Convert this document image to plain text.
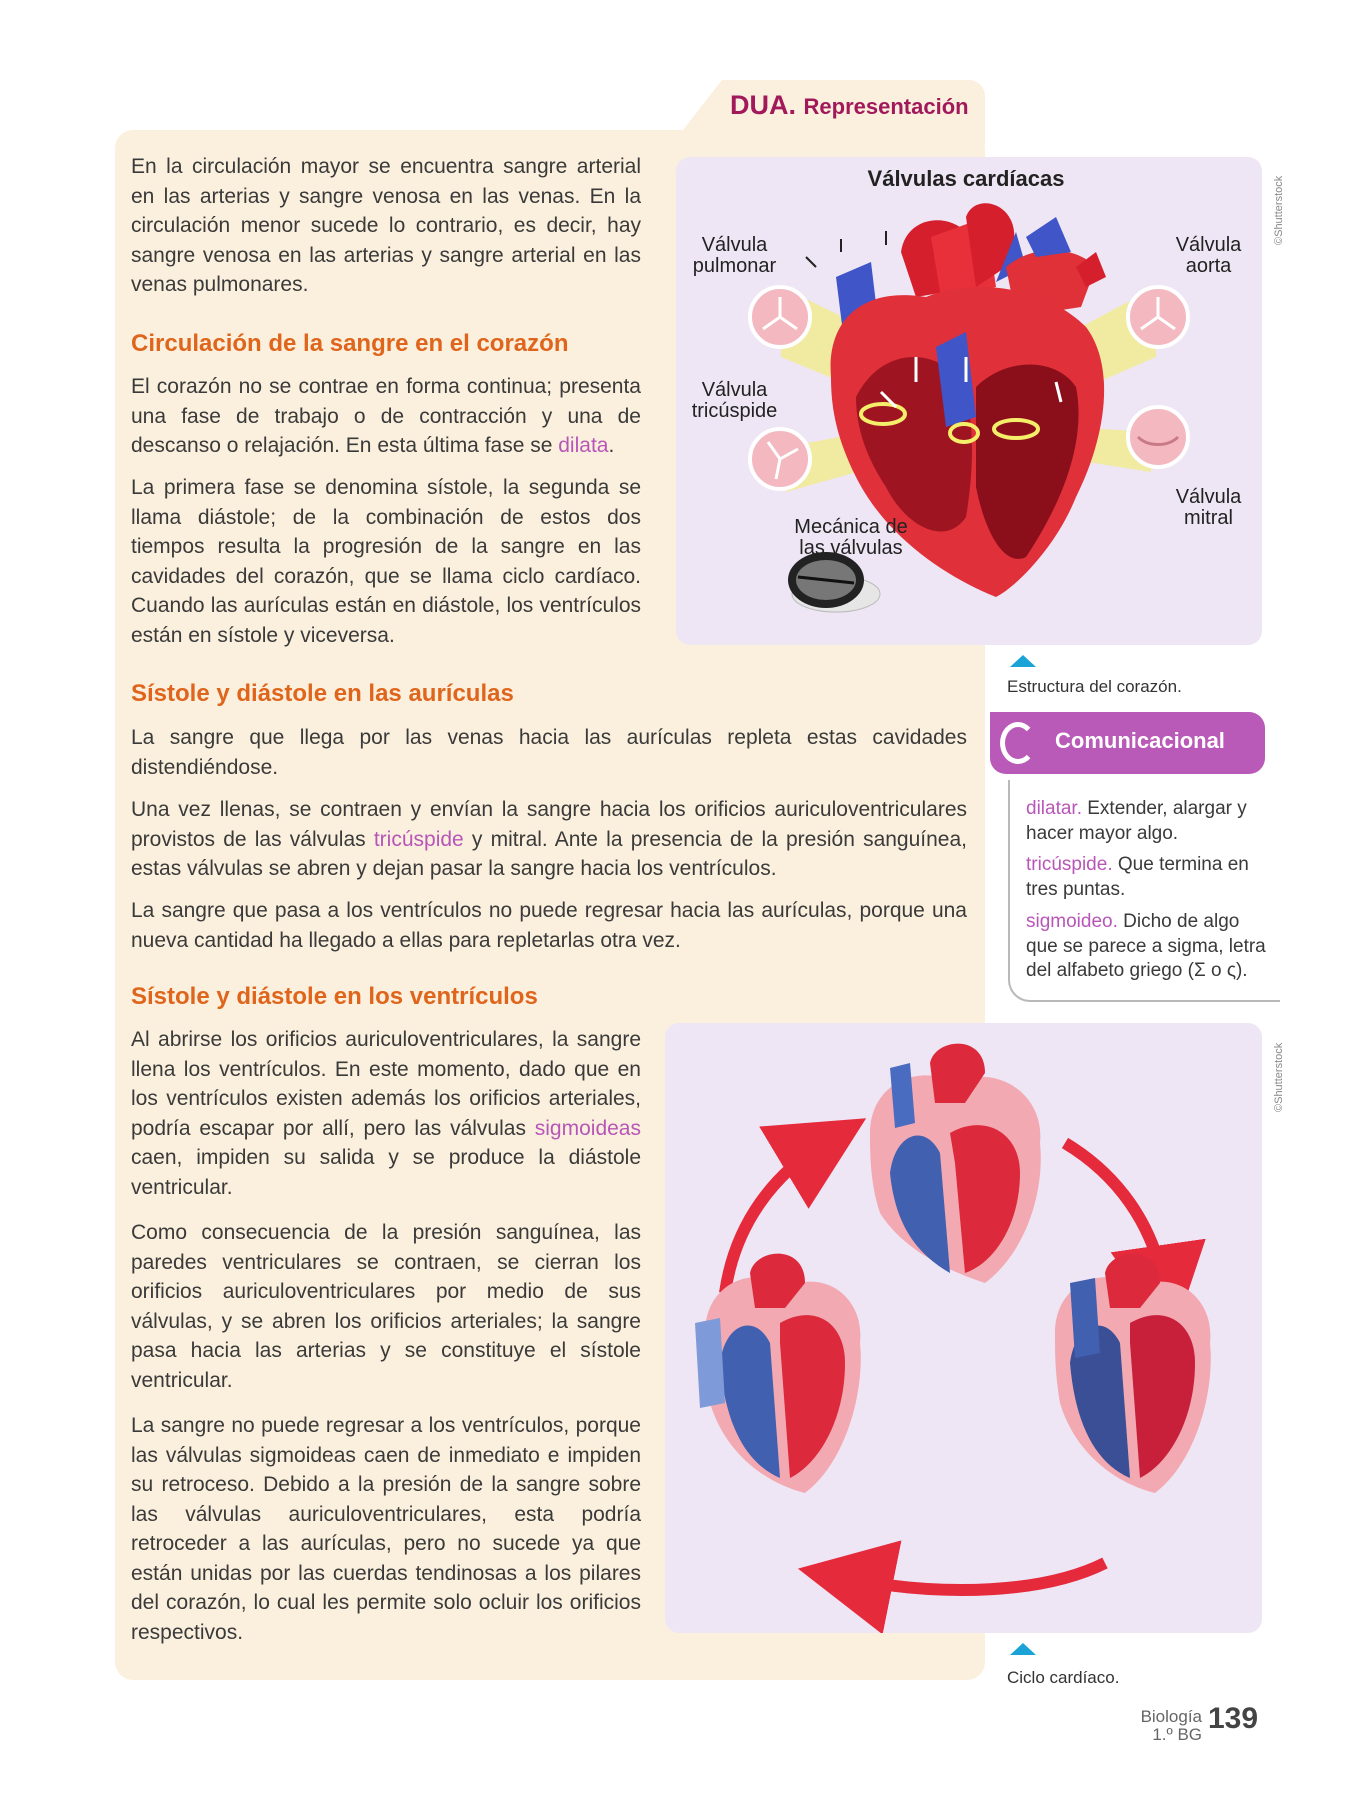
DUA. Representación

En la circulación mayor se encuentra sangre arterial en las arterias y sangre venosa en las venas. En la circulación menor sucede lo contrario, es decir, hay sangre venosa en las arterias y sangre arterial en las venas pulmonares.

Circulación de la sangre en el corazón

El corazón no se contrae en forma continua; presenta una fase de trabajo o de contracción y una de descanso o relajación. En esta última fase se dilata.

La primera fase se denomina sístole, la segunda se llama diástole; de la combinación de estos dos tiempos resulta la progresión de la sangre en las cavidades del corazón, que se llama ciclo cardíaco. Cuando las aurículas están en diástole, los ventrículos están en sístole y viceversa.

Sístole y diástole en las aurículas

La sangre que llega por las venas hacia las aurículas repleta estas cavidades distendiéndose.

Una vez llenas, se contraen y envían la sangre hacia los orificios auriculoventriculares provistos de las válvulas tricúspide y mitral. Ante la presencia de la presión sanguínea, estas válvulas se abren y dejan pasar la sangre hacia los ventrículos.

La sangre que pasa a los ventrículos no puede regresar hacia las aurículas, porque una nueva cantidad ha llegado a ellas para repletarlas otra vez.

Sístole y diástole en los ventrículos

Al abrirse los orificios auriculoventriculares, la sangre llena los ventrículos. En este momento, dado que en los ventrículos existen además los orificios arteriales, podría escapar por allí, pero las válvulas sigmoideas caen, impiden su salida y se produce la diástole ventricular.

Como consecuencia de la presión sanguínea, las paredes ventriculares se contraen, se cierran los orificios auriculoventriculares por medio de sus válvulas, y se abren los orificios arteriales; la sangre pasa hacia las arterias y se constituye el sístole ventricular.

La sangre no puede regresar a los ventrículos, porque las válvulas sigmoideas caen de inmediato e impiden su retroceso. Debido a la presión de la sangre sobre las válvulas auriculoventriculares, esta podría retroceder a las aurículas, pero no sucede ya que están unidas por las cuerdas tendinosas a los pilares del corazón, lo cual les permite solo ocluir los orificios respectivos.

Válvulas cardíacas
Válvula
pulmonar
Válvula
aorta
Válvula
tricúspide
Válvula
mitral
Mecánica de
las válvulas
©Shutterstock
Estructura del corazón.
Comunicacional

dilatar. Extender, alargar y hacer mayor algo.

tricúspide. Que termina en tres puntas.

sigmoideo. Dicho de algo que se parece a sigma, letra del alfabeto griego (Σ o ς).

©Shutterstock
Ciclo cardíaco.
Biología
1.º BG 139
